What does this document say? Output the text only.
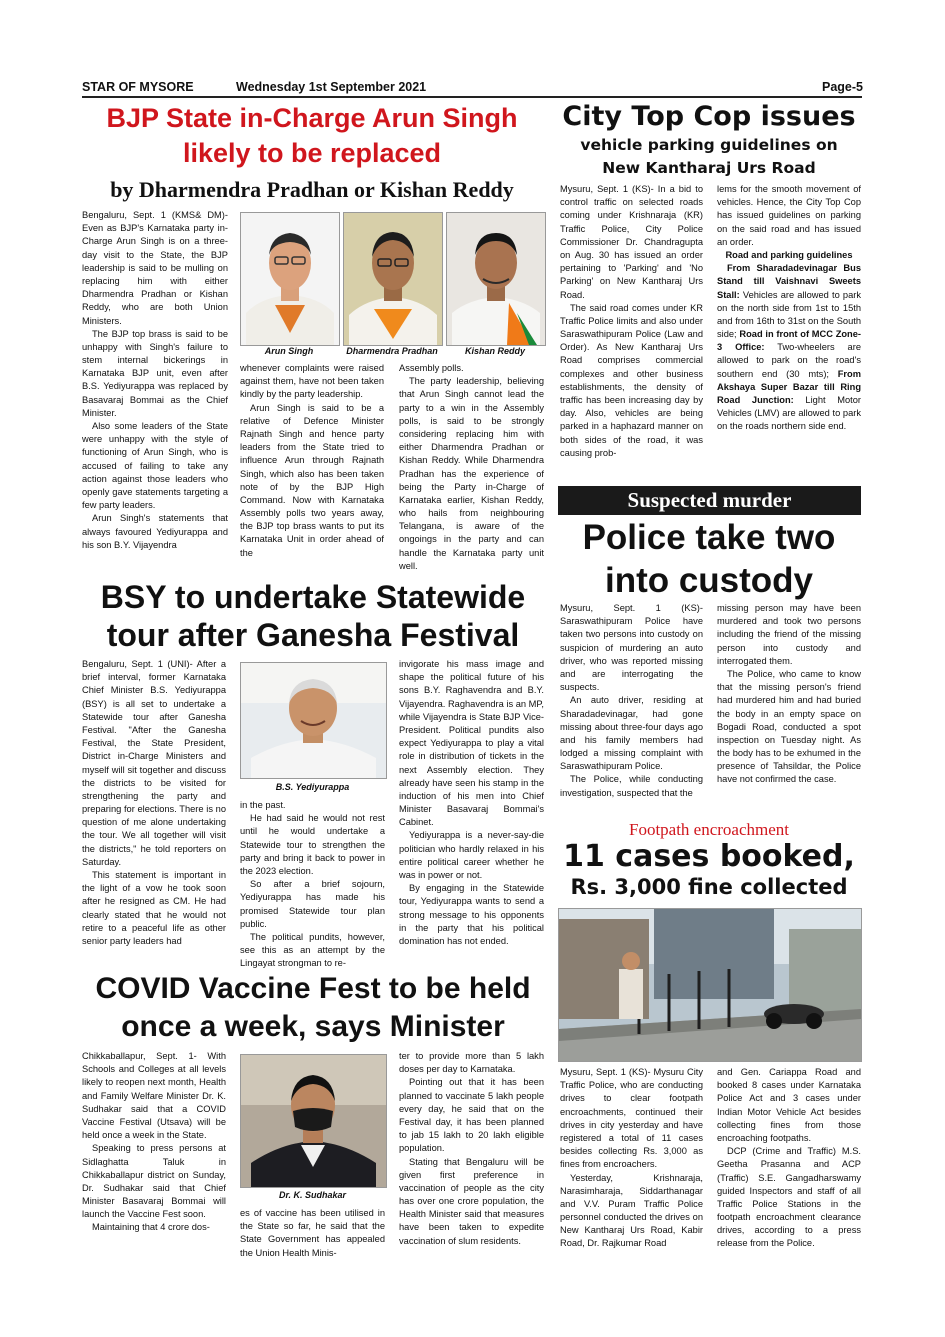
STAR OF MYSORE	Wednesday 1st September 2021	Page-5
BJP State in-Charge Arun Singh
likely to be replaced
by Dharmendra Pradhan or Kishan Reddy

Bengaluru, Sept. 1 (KMS& DM)- Even as BJP's Karnataka party in-Charge Arun Singh is on a three-day visit to the State, the BJP leadership is said to be mulling on replacing him with either Dharmendra Pradhan or Kishan Reddy, who are both Union Ministers.

The BJP top brass is said to be unhappy with Singh's failure to stem internal bickerings in Karnataka BJP unit, even after B.S. Yediyurappa was replaced by Basavaraj Bommai as the Chief Minister.

Also some leaders of the State were unhappy with the style of functioning of Arun Singh, who is accused of failing to take any action against those leaders who openly gave statements targeting a few party leaders.

Arun Singh's statements that always favoured Yediyurappa and his son B.Y. Vijayendra

Arun Singh	Dharmendra Pradhan	Kishan Reddy

whenever complaints were raised against them, have not been taken kindly by the party leadership.

Arun Singh is said to be a relative of Defence Minister Rajnath Singh and hence party leaders from the State tried to influence Arun through Rajnath Singh, which also has been taken note of by the BJP High Command. Now with Karnataka Assembly polls two years away, the BJP top brass wants to put its Karnataka Unit in order ahead of the

Assembly polls.

The party leadership, believing that Arun Singh cannot lead the party to a win in the Assembly polls, is said to be strongly considering replacing him with either Dharmendra Pradhan or Kishan Reddy. While Dharmendra Pradhan has the experience of being the Party in-Charge of Karnataka earlier, Kishan Reddy, who hails from neighbouring Telangana, is aware of the ongoings in the party and can handle the Karnataka party unit well.

City Top Cop issues
vehicle parking guidelines on
New Kantharaj Urs Road

Mysuru, Sept. 1 (KS)- In a bid to control traffic on selected roads coming under Krishnaraja (KR) Traffic Police, City Police Commissioner Dr. Chandragupta on Aug. 30 has issued an order pertaining to 'Parking' and 'No Parking' on New Kantharaj Urs Road.

The said road comes under KR Traffic Police limits and also under Saraswathipuram Police (Law and Order). As New Kantharaj Urs Road comprises commercial complexes and other business establishments, the density of traffic has been increasing day by day. Also, vehicles are being parked in a haphazard manner on both sides of the road, it was causing prob-

lems for the smooth movement of vehicles. Hence, the City Top Cop has issued guidelines on parking on the said road and has issued an order.

Road and parking guidelines

From Sharadadevinagar Bus Stand till Vaishnavi Sweets Stall: Vehicles are allowed to park on the north side from 1st to 15th and from 16th to 31st on the South side; Road in front of MCC Zone-3 Office: Two-wheelers are allowed to park on the road's southern end (30 mts); From Akshaya Super Bazar till Ring Road Junction: Light Motor Vehicles (LMV) are allowed to park on the roads northern side end.

Suspected murder
Police take two
into custody

Mysuru, Sept. 1 (KS)- Saraswathipuram Police have taken two persons into custody on suspicion of murdering an auto driver, who was reported missing and are interrogating the suspects.

An auto driver, residing at Sharadadevinagar, had gone missing about three-four days ago and his family members had lodged a missing complaint with Saraswathipuram Police.

The Police, while conducting investigation, suspected that the

missing person may have been murdered and took two persons including the friend of the missing person into custody and interrogated them.

The Police, who came to know that the missing person's friend had murdered him and had buried the body in an empty space on Bogadi Road, conducted a spot inspection on Tuesday night. As the body has to be exhumed in the presence of Tahsildar, the Police have not confirmed the case.

BSY to undertake Statewide
tour after Ganesha Festival

Bengaluru, Sept. 1 (UNI)- After a brief interval, former Karnataka Chief Minister B.S. Yediyurappa (BSY) is all set to undertake a Statewide tour after Ganesha Festival. "After the Ganesha Festival, the State President, District in-Charge Ministers and myself will sit together and discuss the districts to be visited for strengthening the party and preparing for elections. There is no question of me alone undertaking the tour. We all together will visit the districts," he told reporters on Saturday.

This statement is important in the light of a vow he took soon after he resigned as CM. He had clearly stated that he would not retire to a peaceful life as other senior party leaders had

B.S. Yediyurappa

in the past.

He had said he would not rest until he would undertake a Statewide tour to strengthen the party and bring it back to power in the 2023 election.

So after a brief sojourn, Yediyurappa has made his promised Statewide tour plan public.

The political pundits, however, see this as an attempt by the Lingayat strongman to re-

invigorate his mass image and shape the political future of his sons B.Y. Raghavendra and B.Y. Vijayendra. Raghavendra is an MP, while Vijayendra is State BJP Vice-President. Political pundits also expect Yediyurappa to play a vital role in distribution of tickets in the next Assembly election. They already have seen his stamp in the induction of his men into Chief Minister Basavaraj Bommai's Cabinet.

Yediyurappa is a never-say-die politician who hardly relaxed in his entire political career whether he was in power or not.

By engaging in the Statewide tour, Yediyurappa wants to send a strong message to his opponents in the party that his political domination has not ended.

Footpath encroachment
11 cases booked,
Rs. 3,000 fine collected

Mysuru, Sept. 1 (KS)- Mysuru City Traffic Police, who are conducting drives to clear footpath encroachments, continued their drives in city yesterday and have registered a total of 11 cases besides collecting Rs. 3,000 as fines from encroachers.

Yesterday, Krishnaraja, Narasimharaja, Siddarthanagar and V.V. Puram Traffic Police personnel conducted the drives on New Kantharaj Urs Road, Kabir Road, Dr. Rajkumar Road

and Gen. Cariappa Road and booked 8 cases under Karnataka Police Act and 3 cases under Indian Motor Vehicle Act besides collecting fines from those encroaching footpaths.

DCP (Crime and Traffic) M.S. Geetha Prasanna and ACP (Traffic) S.E. Gangadharswamy guided Inspectors and staff of all Traffic Police Stations in the footpath encroachment clearance drives, according to a press release from the Police.

COVID Vaccine Fest to be held
once a week, says Minister

Chikkaballapur, Sept. 1- With Schools and Colleges at all levels likely to reopen next month, Health and Family Welfare Minister Dr. K. Sudhakar said that a COVID Vaccine Festival (Utsava) will be held once a week in the State.

Speaking to press persons at Sidlaghatta Taluk in Chikkaballapur district on Sunday, Dr. Sudhakar said that Chief Minister Basavaraj Bommai will launch the Vaccine Fest soon.

Maintaining that 4 crore dos-

Dr. K. Sudhakar

es of vaccine has been utilised in the State so far, he said that the State Government has appealed the Union Health Minis-

ter to provide more than 5 lakh doses per day to Karnataka.

Pointing out that it has been planned to vaccinate 5 lakh people every day, he said that on the Festival day, it has been planned to jab 15 lakh to 20 lakh eligible population.

Stating that Bengaluru will be given first preference in vaccination of people as the city has over one crore population, the Health Minister said that measures have been taken to expedite vaccination of slum residents.
